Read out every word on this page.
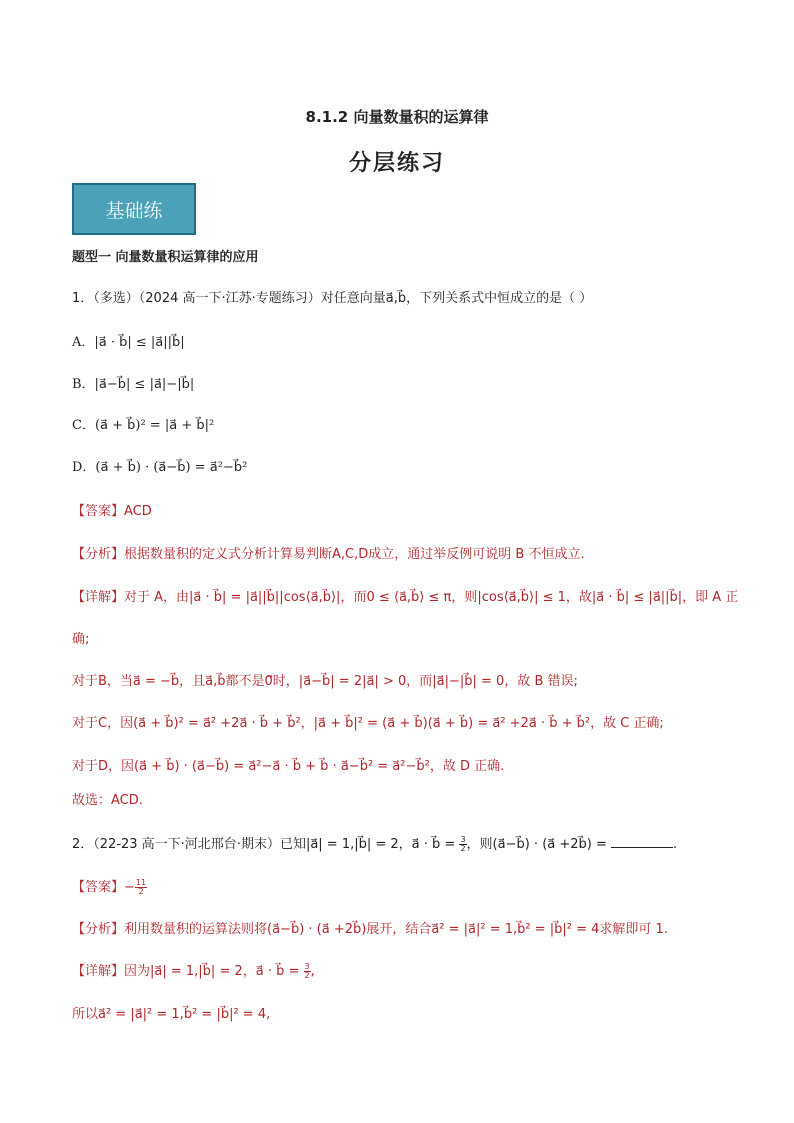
8.1.2 向量数量积的运算律
分层练习
基础练
题型一 向量数量积运算律的应用
1．（多选）（2024 高一下·江苏·专题练习）对任意向量a⃗,b⃗，下列关系式中恒成立的是（ ）
A．|a⃗ · b⃗| ≤ |a⃗||b⃗|
B．|a⃗−b⃗| ≤ |a⃗|−|b⃗|
C．(a⃗ + b⃗)² = |a⃗ + b⃗|²
D．(a⃗ + b⃗) · (a⃗−b⃗) = a⃗²−b⃗²
【答案】ACD
【分析】根据数量积的定义式分析计算易判断A,C,D成立，通过举反例可说明 B 不恒成立.
【详解】对于 A，由|a⃗ · b⃗| = |a⃗||b⃗||cos⟨a⃗,b⃗⟩|，而0 ≤ ⟨a⃗,b⃗⟩ ≤ π，则|cos⟨a⃗,b⃗⟩| ≤ 1，故|a⃗ · b⃗| ≤ |a⃗||b⃗|，即 A 正
确;
对于B，当a⃗ = −b⃗，且a⃗,b⃗都不是0⃗时，|a⃗−b⃗| = 2|a⃗| > 0，而|a⃗|−|b⃗| = 0，故 B 错误;
对于C，因(a⃗ + b⃗)² = a⃗² +2a⃗ · b⃗ + b⃗²，|a⃗ + b⃗|² = (a⃗ + b⃗)(a⃗ + b⃗) = a⃗² +2a⃗ · b⃗ + b⃗²，故 C 正确;
对于D，因(a⃗ + b⃗) · (a⃗−b⃗) = a⃗²−a⃗ · b⃗ + b⃗ · a⃗−b⃗² = a⃗²−b⃗²，故 D 正确.
故选：ACD.
2．（22-23 高一下·河北邢台·期末）已知|a⃗| = 1,|b⃗| = 2，a⃗ · b⃗ = $\frac{3}{2}$ ，则(a⃗−b⃗) · (a⃗ +2b⃗) =	.
【答案】− $\frac{11}{2}$
【分析】利用数量积的运算法则将(a⃗−b⃗) · (a⃗ +2b⃗)展开，结合a⃗² = |a⃗|² = 1,b⃗² = |b⃗|² = 4求解即可 1.
【详解】因为|a⃗| = 1,|b⃗| = 2，a⃗ · b⃗ = $\frac{3}{2}$ ,
所以a⃗² = |a⃗|² = 1,b⃗² = |b⃗|² = 4,
